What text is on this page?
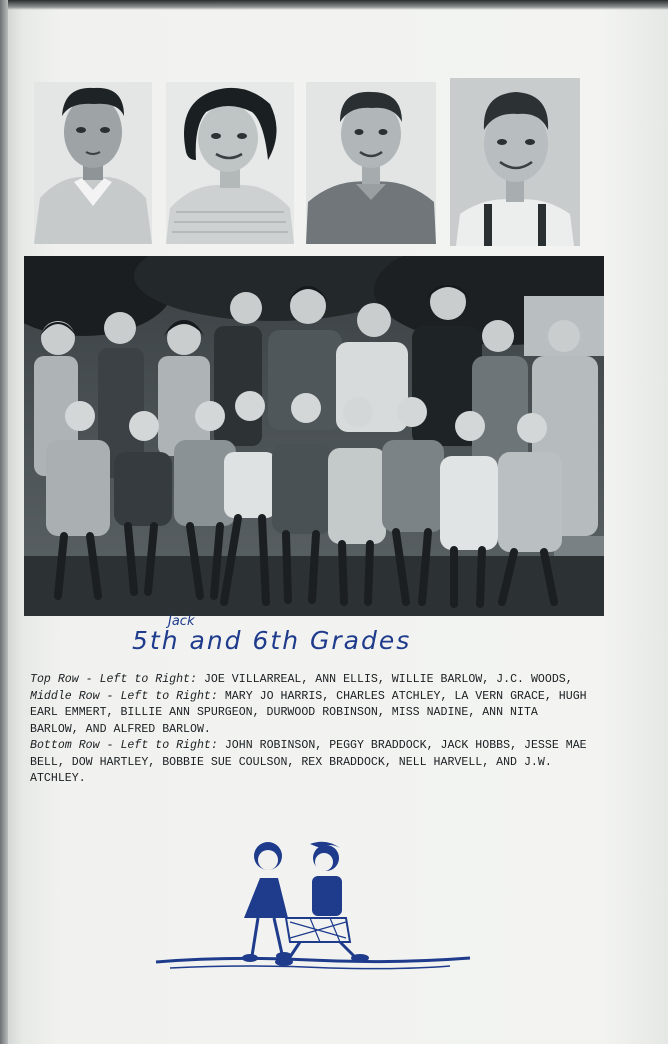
Jack
5th and 6th Grades

Top Row - Left to Right: JOE VILLARREAL, ANN ELLIS, WILLIE BARLOW, J.C. WOODS,

Middle Row - Left to Right: MARY JO HARRIS, CHARLES ATCHLEY, LA VERN GRACE, HUGH EARL EMMERT, BILLIE ANN SPURGEON, DURWOOD ROBINSON, MISS NADINE, ANN NITA BARLOW, AND ALFRED BARLOW.

Bottom Row - Left to Right: JOHN ROBINSON, PEGGY BRADDOCK, JACK HOBBS, JESSE MAE BELL, DOW HARTLEY, BOBBIE SUE COULSON, REX BRADDOCK, NELL HARVELL, AND J.W. ATCHLEY.
